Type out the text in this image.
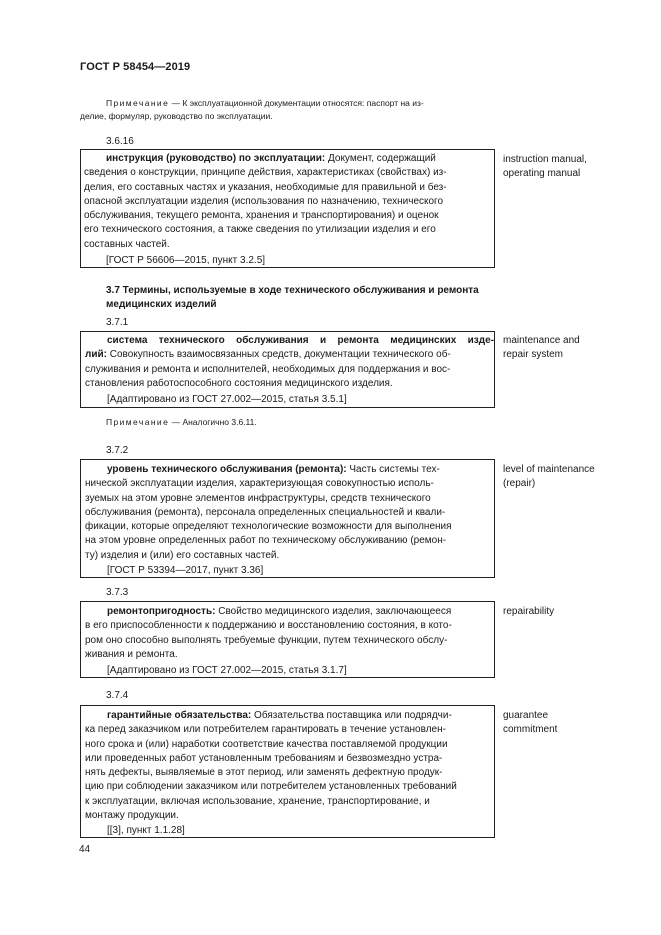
ГОСТ Р 58454—2019
Примечание — К эксплуатационной документации относятся: паспорт на из-
делие, формуляр, руководство по эксплуатации.
3.6.16
инструкция (руководство) по эксплуатации: Документ, содержащий
сведения о конструкции, принципе действия, характеристиках (свойствах) из-
делия, его составных частях и указания, необходимые для правильной и без-
опасной эксплуатации изделия (использования по назначению, технического
обслуживания, текущего ремонта, хранения и транспортирования) и оценок
его технического состояния, а также сведения по утилизации изделия и его
составных частей.
[ГОСТ Р 56606—2015, пункт 3.2.5]
instruction manual,
operating manual
3.7 Термины, используемые в ходе технического обслуживания и ремонта
медицинских изделий
3.7.1
система технического обслуживания и ремонта медицинских изде-
лий: Совокупность взаимосвязанных средств, документации технического об-
служивания и ремонта и исполнителей, необходимых для поддержания и вос-
становления работоспособного состояния медицинского изделия.
[Адаптировано из ГОСТ 27.002—2015, статья 3.5.1]
maintenance and
repair system
Примечание — Аналогично 3.6.11.
3.7.2
уровень технического обслуживания (ремонта): Часть системы тех-
нической эксплуатации изделия, характеризующая совокупностью исполь-
зуемых на этом уровне элементов инфраструктуры, средств технического
обслуживания (ремонта), персонала определенных специальностей и квали-
фикации, которые определяют технологические возможности для выполнения
на этом уровне определенных работ по техническому обслуживанию (ремон-
ту) изделия и (или) его составных частей.
[ГОСТ Р 53394—2017, пункт 3.36]
level of maintenance
(repair)
3.7.3
ремонтопригодность: Свойство медицинского изделия, заключающееся
в его приспособленности к поддержанию и восстановлению состояния, в кото-
ром оно способно выполнять требуемые функции, путем технического обслу-
живания и ремонта.
[Адаптировано из ГОСТ 27.002—2015, статья 3.1.7]
repairability
3.7.4
гарантийные обязательства: Обязательства поставщика или подрядчи-
ка перед заказчиком или потребителем гарантировать в течение установлен-
ного срока и (или) наработки соответствие качества поставляемой продукции
или проведенных работ установленным требованиям и безвозмездно устра-
нять дефекты, выявляемые в этот период, или заменять дефектную продук-
цию при соблюдении заказчиком или потребителем установленных требований
к эксплуатации, включая использование, хранение, транспортирование, и
монтажу продукции.
[[3], пункт 1.1.28]
guarantee
commitment
44
